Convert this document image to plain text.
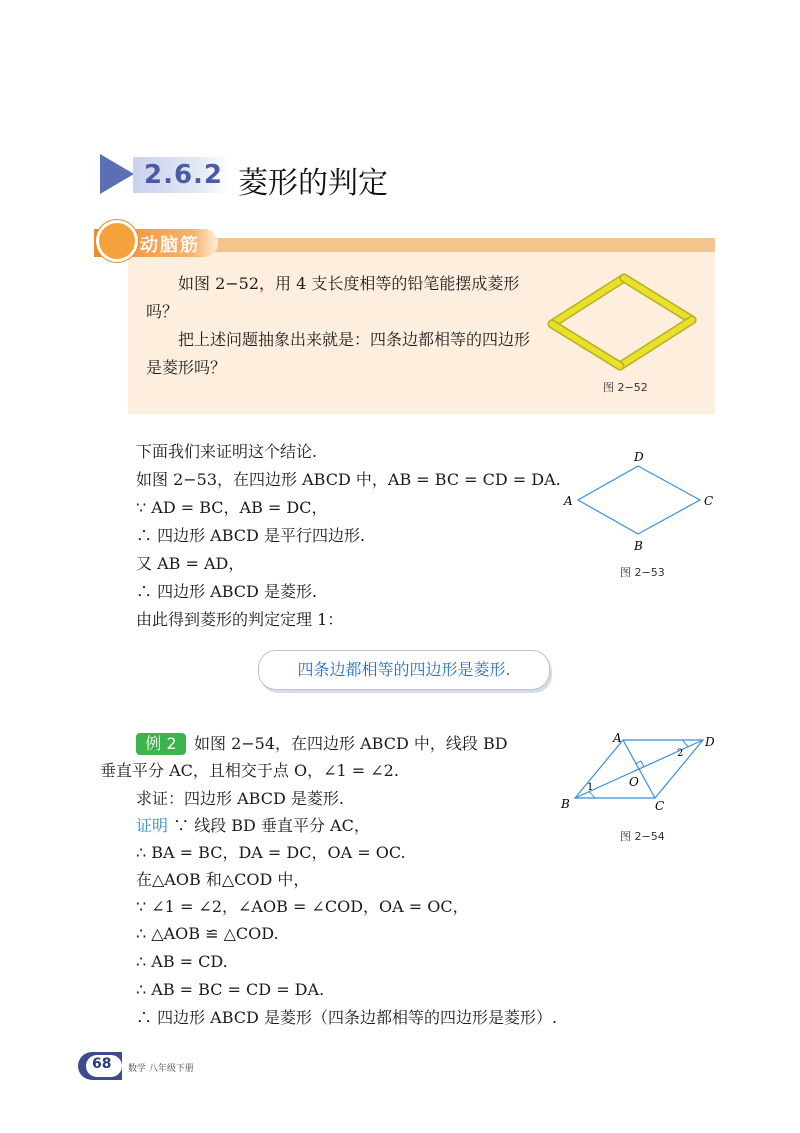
2.6.2 菱形的判定
动脑筋
如图 2−52，用 4 支长度相等的铅笔能摆成菱形吗？
把上述问题抽象出来就是：四条边都相等的四边形是菱形吗？
图 2−52
下面我们来证明这个结论.
如图 2−53，在四边形 ABCD 中，AB = BC = CD = DA.
∵ AD = BC，AB = DC，
∴ 四边形 ABCD 是平行四边形.
又 AB = AD，
∴ 四边形 ABCD 是菱形.
由此得到菱形的判定定理 1：
D
A	C
B
图 2−53
四条边都相等的四边形是菱形.
例 2	如图 2−54，在四边形 ABCD 中，线段 BD
垂直平分 AC，且相交于点 O，∠1 = ∠2.
求证：四边形 ABCD 是菱形.
证明 ∵ 线段 BD 垂直平分 AC，
∴ BA = BC，DA = DC，OA = OC.
在△AOB 和△COD 中，
∵ ∠1 = ∠2，∠AOB = ∠COD，OA = OC，
∴ △AOB ≌ △COD.
∴ AB = CD.
∴ AB = BC = CD = DA.
∴ 四边形 ABCD 是菱形（四条边都相等的四边形是菱形）.
A	D
B	C
O
1
2
图 2−54
68 数学 八年级下册
